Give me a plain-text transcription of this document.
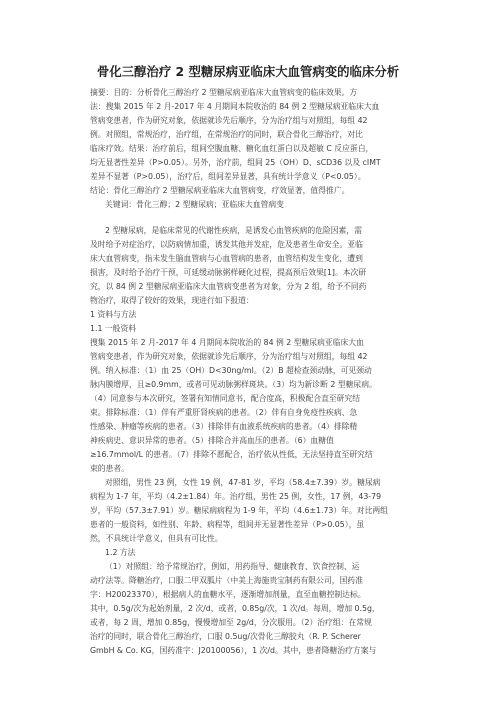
骨化三醇治疗 2 型糖尿病亚临床大血管病变的临床分析
摘要：目的：分析骨化三醇治疗 2 型糖尿病亚临床大血管病变的临床效果。方
法：搜集 2015 年 2 月-2017 年 4 月期间本院收治的 84 例 2 型糖尿病亚临床大血
管病变患者，作为研究对象，依据就诊先后顺序，分为治疗组与对照组，每组 42
例。对照组，常规治疗，治疗组，在常规治疗的同时，联合骨化三醇治疗，对比
临床疗效。结果：治疗前后，组间空腹血糖、糖化血红蛋白以及超敏 C 反应蛋白，
均无显著性差异（P>0.05）。另外，治疗前，组间 25（OH）D、sCD36 以及 cIMT
差异不显著（P>0.05），治疗后，组间差异显著，具有统计学意义（P<0.05）。
结论：骨化三醇治疗 2 型糖尿病亚临床大血管病变，疗效显著，值得推广。
关键词：骨化三醇；2 型糖尿病；亚临床大血管病变
2 型糖尿病，是临床常见的代谢性疾病，是诱发心血管疾病的危险因素，需
及时给予对症治疗，以防病情加重，诱发其他并发症，危及患者生命安全。亚临
床大血管病变，指未发生脑血管病与心血管病的患者，血管结构发生变化，遭到
损害，及时给予治疗干预，可延缓动脉粥样硬化过程，提高预后效果[1]。本次研
究，以 84 例 2 型糖尿病亚临床大血管病变患者为对象，分为 2 组，给予不同药
物治疗，取得了较好的效果，现进行如下报道：
1 资料与方法
1.1 一般资料
搜集 2015 年 2 月-2017 年 4 月期间本院收治的 84 例 2 型糖尿病亚临床大血
管病变患者，作为研究对象，依据就诊先后顺序，分为治疗组与对照组，每组 42
例。纳入标准：（1）血 25（OH）D<30ng/ml。（2）B 超检查颈动脉，可见颈动
脉内膜增厚，且≥0.9mm，或者可见动脉粥样斑块。（3）均为新诊断 2 型糖尿病。
（4）同意参与本次研究，签署有知情同意书，配合度高，积极配合直至研究结
束。排除标准：（1）伴有严重肝肾疾病的患者。（2）伴有自身免疫性疾病、急
性感染、肿瘤等疾病的患者。（3）排除伴有血液系统疾病的患者。（4）排除精
神疾病史、意识异常的患者。（5）排除合并高血压的患者。（6）血糖值
≥16.7mmol/L 的患者。（7）排除不愿配合，治疗依从性低，无法坚持直至研究结
束的患者。
对照组，男性 23 例，女性 19 例，47-81 岁，平均（58.4±7.39）岁。糖尿病
病程为 1-7 年，平均（4.2±1.84）年。治疗组，男性 25 例，女性，17 例，43-79
岁，平均（57.3±7.91）岁。糖尿病病程为 1-9 年，平均（4.6±1.73）年。对比两组
患者的一般资料，如性别、年龄、病程等，组间并无显著性差异（P>0.05），虽
然，不具统计学意义，但具有可比性。
1.2 方法
（1）对照组：给予常规治疗，例如，用药指导、健康教育、饮食控制、运
动疗法等。降糖治疗，口服二甲双胍片（中美上海施贵宝制药有限公司，国药准
字：H20023370），根据病人的血糖水平，逐渐增加剂量，直至血糖控制达标。
其中，0.5g/次为起始剂量，2 次/d，或者，0.85g/次，1 次/d。每周，增加 0.5g，
或者，每 2 周，增加 0.85g，慢慢增加至 2g/d，分次服用。（2）治疗组：在常规
治疗的同时，联合骨化三醇治疗，口服 0.5ug/次骨化三醇胶丸（R. P. Scherer
GmbH & Co. KG，国药准字：J20100056），1 次/d。其中，患者降糖治疗方案与
